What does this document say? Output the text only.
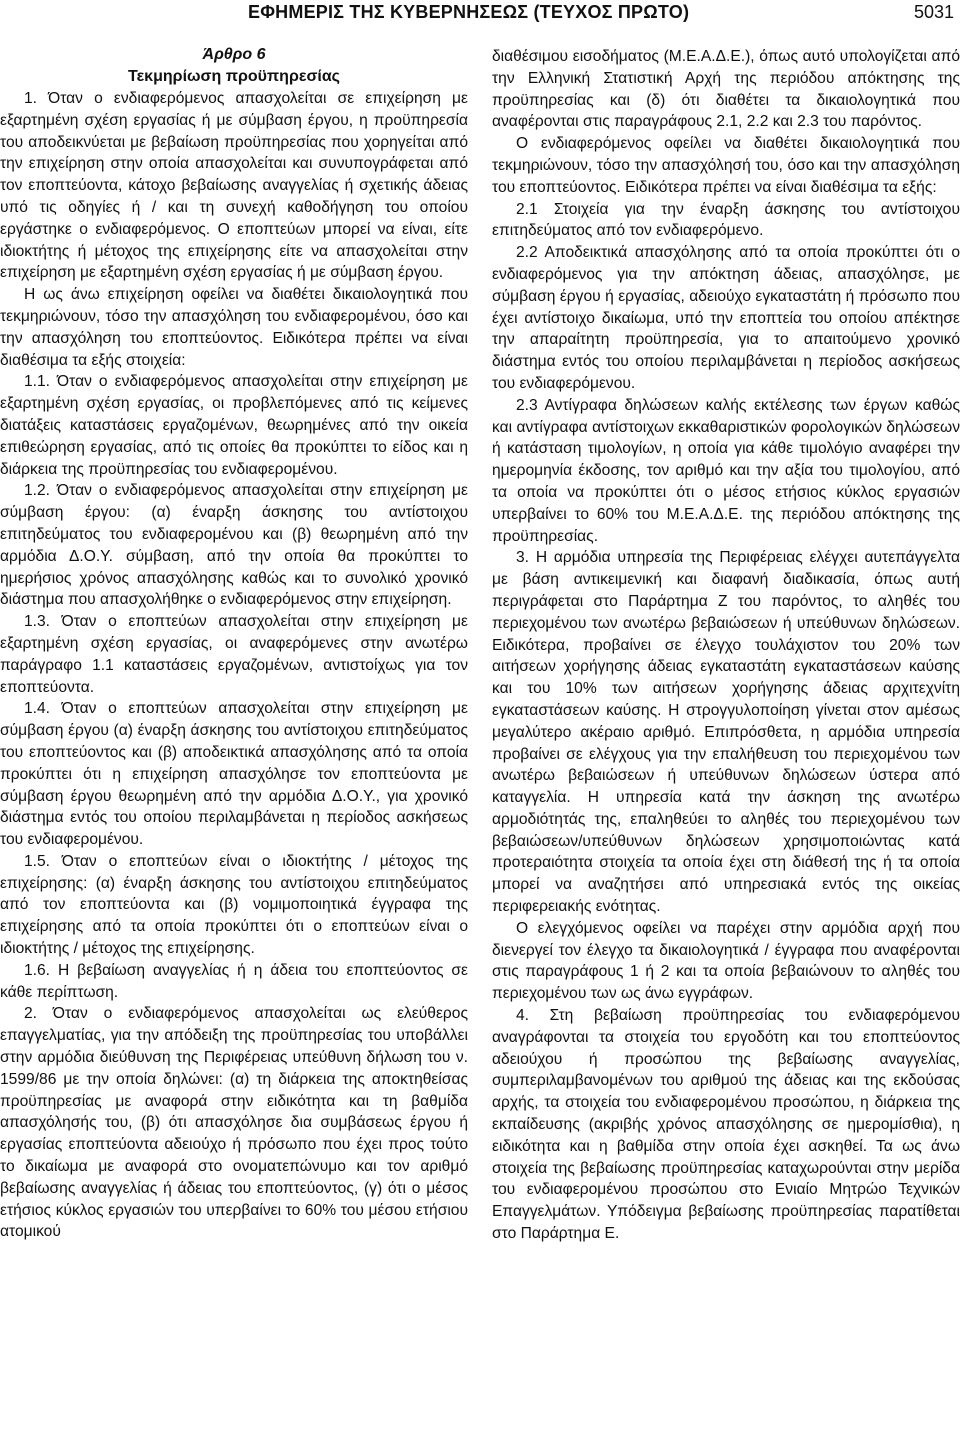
ΕΦΗΜΕΡΙΣ ΤΗΣ ΚΥΒΕΡΝΗΣΕΩΣ (ΤΕΥΧΟΣ ΠΡΩΤΟ)	5031
Άρθρο 6
Τεκμηρίωση προϋπηρεσίας

1. Όταν ο ενδιαφερόμενος απασχολείται σε επιχείρηση με εξαρτημένη σχέση εργασίας ή με σύμβαση έργου, η προϋπηρεσία του αποδεικνύεται με βεβαίωση προϋπηρεσίας που χορηγείται από την επιχείρηση στην οποία απασχολείται και συνυπογράφεται από τον εποπτεύοντα, κάτοχο βεβαίωσης αναγγελίας ή σχετικής άδειας υπό τις οδηγίες ή / και τη συνεχή καθοδήγηση του οποίου εργάστηκε ο ενδιαφερόμενος. Ο εποπτεύων μπορεί να είναι, είτε ιδιοκτήτης ή μέτοχος της επιχείρησης είτε να απασχολείται στην επιχείρηση με εξαρτημένη σχέση εργασίας ή με σύμβαση έργου.

Η ως άνω επιχείρηση οφείλει να διαθέτει δικαιολογητικά που τεκμηριώνουν, τόσο την απασχόληση του ενδιαφερομένου, όσο και την απασχόληση του εποπτεύοντος. Ειδικότερα πρέπει να είναι διαθέσιμα τα εξής στοιχεία:

1.1. Όταν ο ενδιαφερόμενος απασχολείται στην επιχείρηση με εξαρτημένη σχέση εργασίας, οι προβλεπόμενες από τις κείμενες διατάξεις καταστάσεις εργαζομένων, θεωρημένες από την οικεία επιθεώρηση εργασίας, από τις οποίες θα προκύπτει το είδος και η διάρκεια της προϋπηρεσίας του ενδιαφερομένου.

1.2. Όταν ο ενδιαφερόμενος απασχολείται στην επιχείρηση με σύμβαση έργου: (α) έναρξη άσκησης του αντίστοιχου επιτηδεύματος του ενδιαφερομένου και (β) θεωρημένη από την αρμόδια Δ.Ο.Υ. σύμβαση, από την οποία θα προκύπτει το ημερήσιος χρόνος απασχόλησης καθώς και το συνολικό χρονικό διάστημα που απασχολήθηκε ο ενδιαφερόμενος στην επιχείρηση.

1.3. Όταν ο εποπτεύων απασχολείται στην επιχείρηση με εξαρτημένη σχέση εργασίας, οι αναφερόμενες στην ανωτέρω παράγραφο 1.1 καταστάσεις εργαζομένων, αντιστοίχως για τον εποπτεύοντα.

1.4. Όταν ο εποπτεύων απασχολείται στην επιχείρηση με σύμβαση έργου (α) έναρξη άσκησης του αντίστοιχου επιτηδεύματος του εποπτεύοντος και (β) αποδεικτικά απασχόλησης από τα οποία προκύπτει ότι η επιχείρηση απασχόλησε τον εποπτεύοντα με σύμβαση έργου θεωρημένη από την αρμόδια Δ.Ο.Υ., για χρονικό διάστημα εντός του οποίου περιλαμβάνεται η περίοδος ασκήσεως του ενδιαφερομένου.

1.5. Όταν ο εποπτεύων είναι ο ιδιοκτήτης / μέτοχος της επιχείρησης: (α) έναρξη άσκησης του αντίστοιχου επιτηδεύματος από τον εποπτεύοντα και (β) νομιμοποιητικά έγγραφα της επιχείρησης από τα οποία προκύπτει ότι ο εποπτεύων είναι ο ιδιοκτήτης / μέτοχος της επιχείρησης.

1.6. Η βεβαίωση αναγγελίας ή η άδεια του εποπτεύοντος σε κάθε περίπτωση.

2. Όταν ο ενδιαφερόμενος απασχολείται ως ελεύθερος επαγγελματίας, για την απόδειξη της προϋπηρεσίας του υποβάλλει στην αρμόδια διεύθυνση της Περιφέρειας υπεύθυνη δήλωση του ν. 1599/86 με την οποία δηλώνει: (α) τη διάρκεια της αποκτηθείσας προϋπηρεσίας με αναφορά στην ειδικότητα και τη βαθμίδα απασχόλησής του, (β) ότι απασχόλησε δια συμβάσεως έργου ή εργασίας εποπτεύοντα αδειούχο ή πρόσωπο που έχει προς τούτο το δικαίωμα με αναφορά στο ονοματεπώνυμο και τον αριθμό βεβαίωσης αναγγελίας ή άδειας του εποπτεύοντος, (γ) ότι ο μέσος ετήσιος κύκλος εργασιών του υπερβαίνει το 60% του μέσου ετήσιου ατομικού

διαθέσιμου εισοδήματος (Μ.Ε.Α.Δ.Ε.), όπως αυτό υπολογίζεται από την Ελληνική Στατιστική Αρχή της περιόδου απόκτησης της προϋπηρεσίας και (δ) ότι διαθέτει τα δικαιολογητικά που αναφέρονται στις παραγράφους 2.1, 2.2 και 2.3 του παρόντος.

Ο ενδιαφερόμενος οφείλει να διαθέτει δικαιολογητικά που τεκμηριώνουν, τόσο την απασχόλησή του, όσο και την απασχόληση του εποπτεύοντος. Ειδικότερα πρέπει να είναι διαθέσιμα τα εξής:

2.1 Στοιχεία για την έναρξη άσκησης του αντίστοιχου επιτηδεύματος από τον ενδιαφερόμενο.

2.2 Αποδεικτικά απασχόλησης από τα οποία προκύπτει ότι ο ενδιαφερόμενος για την απόκτηση άδειας, απασχόλησε, με σύμβαση έργου ή εργασίας, αδειούχο εγκαταστάτη ή πρόσωπο που έχει αντίστοιχο δικαίωμα, υπό την εποπτεία του οποίου απέκτησε την απαραίτητη προϋπηρεσία, για το απαιτούμενο χρονικό διάστημα εντός του οποίου περιλαμβάνεται η περίοδος ασκήσεως του ενδιαφερόμενου.

2.3 Αντίγραφα δηλώσεων καλής εκτέλεσης των έργων καθώς και αντίγραφα αντίστοιχων εκκαθαριστικών φορολογικών δηλώσεων ή κατάσταση τιμολογίων, η οποία για κάθε τιμολόγιο αναφέρει την ημερομηνία έκδοσης, τον αριθμό και την αξία του τιμολογίου, από τα οποία να προκύπτει ότι ο μέσος ετήσιος κύκλος εργασιών υπερβαίνει το 60% του Μ.Ε.Α.Δ.Ε. της περιόδου απόκτησης της προϋπηρεσίας.

3. Η αρμόδια υπηρεσία της Περιφέρειας ελέγχει αυτεπάγγελτα με βάση αντικειμενική και διαφανή διαδικασία, όπως αυτή περιγράφεται στο Παράρτημα Ζ του παρόντος, το αληθές του περιεχομένου των ανωτέρω βεβαιώσεων ή υπεύθυνων δηλώσεων. Ειδικότερα, προβαίνει σε έλεγχο τουλάχιστον του 20% των αιτήσεων χορήγησης άδειας εγκαταστάτη εγκαταστάσεων καύσης και του 10% των αιτήσεων χορήγησης άδειας αρχιτεχνίτη εγκαταστάσεων καύσης. Η στρογγυλοποίηση γίνεται στον αμέσως μεγαλύτερο ακέραιο αριθμό. Επιπρόσθετα, η αρμόδια υπηρεσία προβαίνει σε ελέγχους για την επαλήθευση του περιεχομένου των ανωτέρω βεβαιώσεων ή υπεύθυνων δηλώσεων ύστερα από καταγγελία. Η υπηρεσία κατά την άσκηση της ανωτέρω αρμοδιότητάς της, επαληθεύει το αληθές του περιεχομένου των βεβαιώσεων/υπεύθυνων δηλώσεων χρησιμοποιώντας κατά προτεραιότητα στοιχεία τα οποία έχει στη διάθεσή της ή τα οποία μπορεί να αναζητήσει από υπηρεσιακά εντός της οικείας περιφερειακής ενότητας.

Ο ελεγχόμενος οφείλει να παρέχει στην αρμόδια αρχή που διενεργεί τον έλεγχο τα δικαιολογητικά / έγγραφα που αναφέρονται στις παραγράφους 1 ή 2 και τα οποία βεβαιώνουν το αληθές του περιεχομένου των ως άνω εγγράφων.

4. Στη βεβαίωση προϋπηρεσίας του ενδιαφερόμενου αναγράφονται τα στοιχεία του εργοδότη και του εποπτεύοντος αδειούχου ή προσώπου της βεβαίωσης αναγγελίας, συμπεριλαμβανομένων του αριθμού της άδειας και της εκδούσας αρχής, τα στοιχεία του ενδιαφερομένου προσώπου, η διάρκεια της εκπαίδευσης (ακριβής χρόνος απασχόλησης σε ημερομίσθια), η ειδικότητα και η βαθμίδα στην οποία έχει ασκηθεί. Τα ως άνω στοιχεία της βεβαίωσης προϋπηρεσίας καταχωρούνται στην μερίδα του ενδιαφερομένου προσώπου στο Ενιαίο Μητρώο Τεχνικών Επαγγελμάτων. Υπόδειγμα βεβαίωσης προϋπηρεσίας παρατίθεται στο Παράρτημα Ε.
